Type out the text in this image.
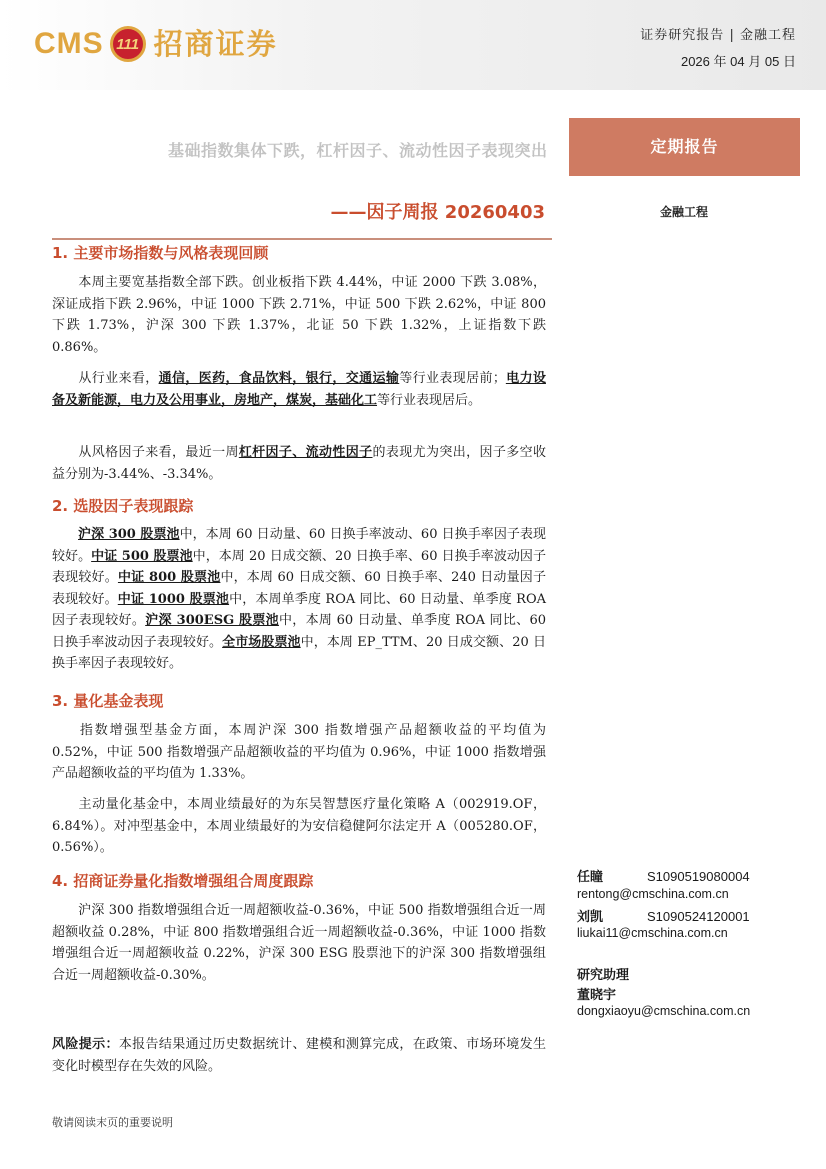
CMS 111 招商证券	证券研究报告 | 金融工程
2026 年 04 月 05 日
定期报告
金融工程
基础指数集体下跌，杠杆因子、流动性因子表现突出
——因子周报 20260403
1. 主要市场指数与风格表现回顾
本周主要宽基指数全部下跌。创业板指下跌 4.44%，中证 2000 下跌 3.08%，深证成指下跌 2.96%，中证 1000 下跌 2.71%，中证 500 下跌 2.62%，中证 800 下跌 1.73%，沪深 300 下跌 1.37%，北证 50 下跌 1.32%，上证指数下跌 0.86%。
从行业来看，通信，医药，食品饮料，银行，交通运输等行业表现居前；电力设备及新能源，电力及公用事业，房地产，煤炭，基础化工等行业表现居后。
从风格因子来看，最近一周杠杆因子、流动性因子的表现尤为突出，因子多空收益分别为-3.44%、-3.34%。
2. 选股因子表现跟踪
沪深 300 股票池中，本周 60 日动量、60 日换手率波动、60 日换手率因子表现较好。中证 500 股票池中，本周 20 日成交额、20 日换手率、60 日换手率波动因子表现较好。中证 800 股票池中，本周 60 日成交额、60 日换手率、240 日动量因子表现较好。中证 1000 股票池中，本周单季度 ROA 同比、60 日动量、单季度 ROA 因子表现较好。沪深 300ESG 股票池中，本周 60 日动量、单季度 ROA 同比、60 日换手率波动因子表现较好。全市场股票池中，本周 EP_TTM、20 日成交额、20 日换手率因子表现较好。
3. 量化基金表现
指数增强型基金方面，本周沪深 300 指数增强产品超额收益的平均值为 0.52%，中证 500 指数增强产品超额收益的平均值为 0.96%，中证 1000 指数增强产品超额收益的平均值为 1.33%。
主动量化基金中，本周业绩最好的为东吴智慧医疗量化策略 A（002919.OF，6.84%）。对冲型基金中，本周业绩最好的为安信稳健阿尔法定开 A（005280.OF，0.56%）。
4. 招商证券量化指数增强组合周度跟踪
沪深 300 指数增强组合近一周超额收益-0.36%，中证 500 指数增强组合近一周超额收益 0.28%，中证 800 指数增强组合近一周超额收益-0.36%，中证 1000 指数增强组合近一周超额收益 0.22%，沪深 300 ESG 股票池下的沪深 300 指数增强组合近一周超额收益-0.30%。
任瞳	S1090519080004
rentong@cmschina.com.cn
刘凯	S1090524120001
liukai11@cmschina.com.cn
研究助理
董晓宇
dongxiaoyu@cmschina.com.cn
风险提示：本报告结果通过历史数据统计、建模和测算完成，在政策、市场环境发生变化时模型存在失效的风险。
敬请阅读末页的重要说明
